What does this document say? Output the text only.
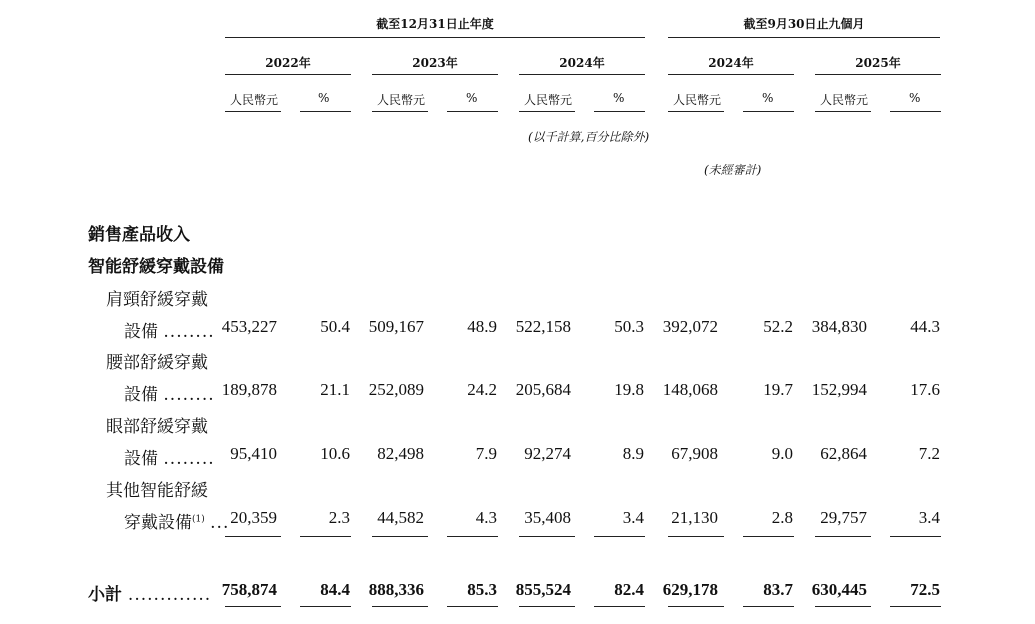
截至12月31日止年度	截至9月30日止九個月
2022年	2023年	2024年	2024年	2025年
人民幣元	%	人民幣元	%	人民幣元	%	人民幣元	%	人民幣元	%
(以千計算,百分比除外)
(未經審計)
銷售產品收入
智能舒緩穿戴設備
肩頸舒緩穿戴
設備 ........ 453,227	50.4	509,167	48.9	522,158	50.3	392,072	52.2	384,830	44.3
腰部舒緩穿戴
設備 ........ 189,878	21.1	252,089	24.2	205,684	19.8	148,068	19.7	152,994	17.6
眼部舒緩穿戴
設備 ........ 95,410	10.6	82,498	7.9	92,274	8.9	67,908	9.0	62,864	7.2
其他智能舒緩
穿戴設備$^{(1)}$ ... 20,359	2.3	44,582	4.3	35,408	3.4	21,130	2.8	29,757	3.4
小計 ............. 758,874	84.4	888,336	85.3	855,524	82.4	629,178	83.7	630,445	72.5
